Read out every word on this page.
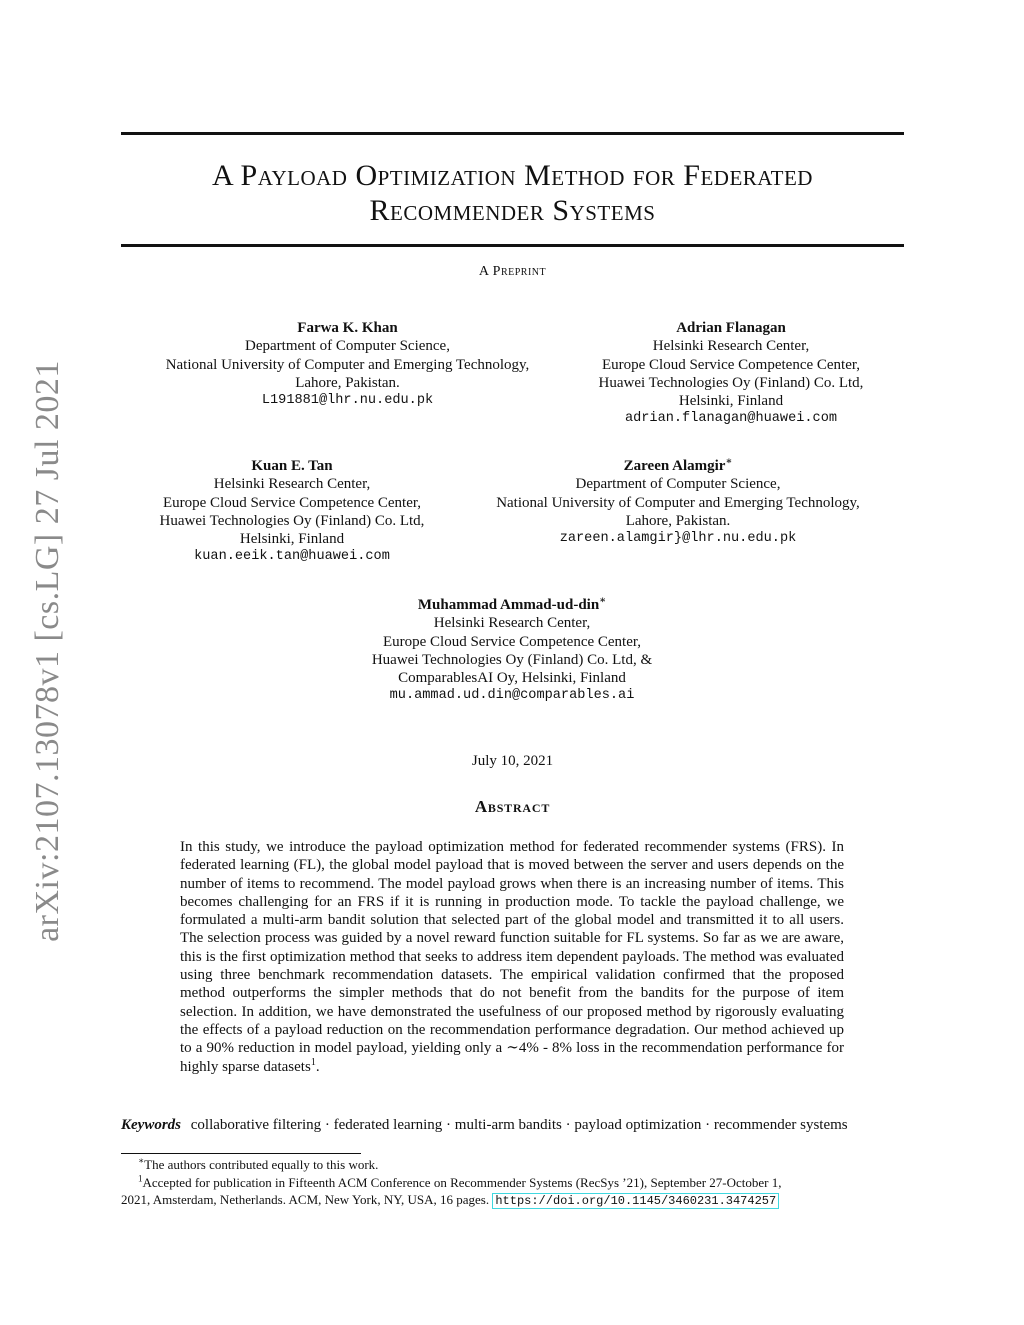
arXiv:2107.13078v1 [cs.LG] 27 Jul 2021
A Payload Optimization Method for Federated
Recommender Systems
A Preprint
Farwa K. Khan
Department of Computer Science,
National University of Computer and Emerging Technology,
Lahore, Pakistan.
L191881@lhr.nu.edu.pk
Adrian Flanagan
Helsinki Research Center,
Europe Cloud Service Competence Center,
Huawei Technologies Oy (Finland) Co. Ltd,
Helsinki, Finland
adrian.flanagan@huawei.com
Kuan E. Tan
Helsinki Research Center,
Europe Cloud Service Competence Center,
Huawei Technologies Oy (Finland) Co. Ltd,
Helsinki, Finland
kuan.eeik.tan@huawei.com
Zareen Alamgir∗
Department of Computer Science,
National University of Computer and Emerging Technology,
Lahore, Pakistan.
zareen.alamgir}@lhr.nu.edu.pk
Muhammad Ammad-ud-din∗
Helsinki Research Center,
Europe Cloud Service Competence Center,
Huawei Technologies Oy (Finland) Co. Ltd, &
ComparablesAI Oy, Helsinki, Finland
mu.ammad.ud.din@comparables.ai
July 10, 2021
Abstract
In this study, we introduce the payload optimization method for federated recommender systems (FRS). In federated learning (FL), the global model payload that is moved between the server and users depends on the number of items to recommend. The model payload grows when there is an increasing number of items. This becomes challenging for an FRS if it is running in production mode. To tackle the payload challenge, we formulated a multi-arm bandit solution that selected part of the global model and transmitted it to all users. The selection process was guided by a novel reward function suitable for FL systems. So far as we are aware, this is the first optimization method that seeks to address item dependent payloads. The method was evaluated using three benchmark recommendation datasets. The empirical validation confirmed that the proposed method outperforms the simpler methods that do not benefit from the bandits for the purpose of item selection. In addition, we have demonstrated the usefulness of our proposed method by rigorously evaluating the effects of a payload reduction on the recommendation performance degradation. Our method achieved up to a 90% reduction in model payload, yielding only a ∼4% - 8% loss in the recommendation performance for highly sparse datasets$^1$.
Keywords collaborative filtering · federated learning · multi-arm bandits · payload optimization · recommender systems
∗The authors contributed equally to this work.
$^1$Accepted for publication in Fifteenth ACM Conference on Recommender Systems (RecSys ’21), September 27-October 1,
2021, Amsterdam, Netherlands. ACM, New York, NY, USA, 16 pages. https://doi.org/10.1145/3460231.3474257
